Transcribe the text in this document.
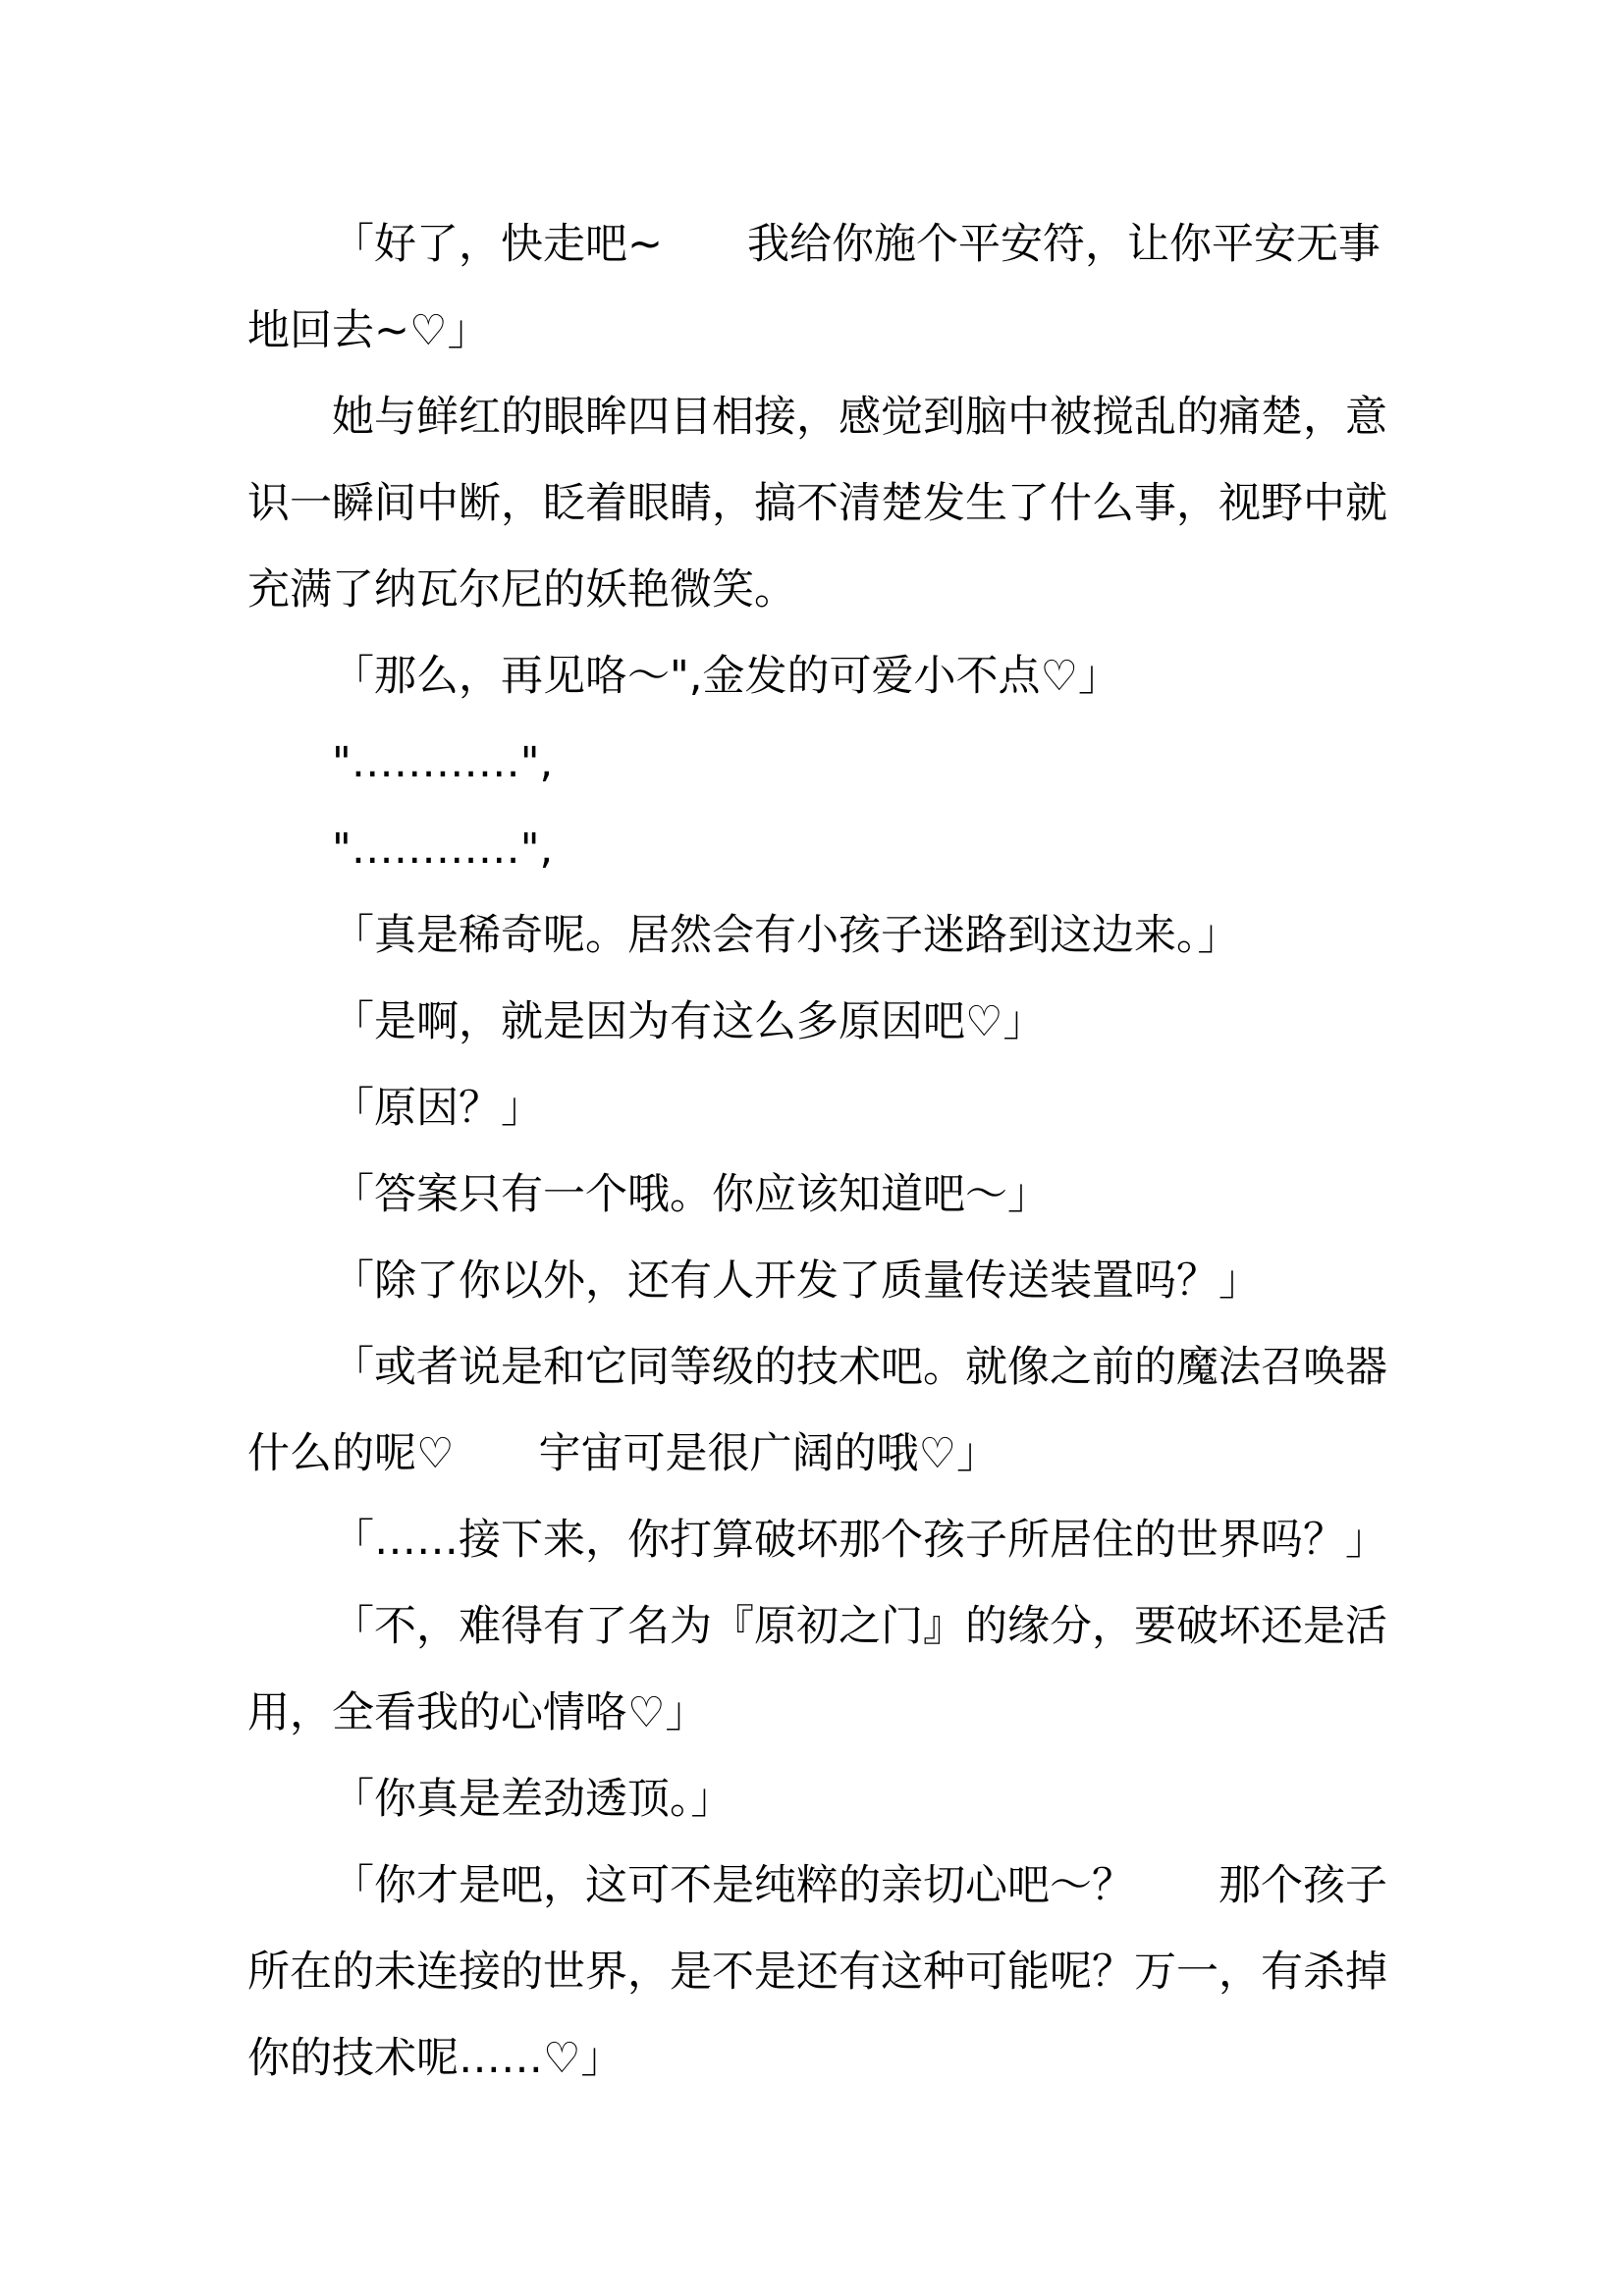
「好了，快走吧~　　我给你施个平安符，让你平安无事地回去~♡」

她与鲜红的眼眸四目相接，感觉到脑中被搅乱的痛楚，意识一瞬间中断，眨着眼睛，搞不清楚发生了什么事，视野中就充满了纳瓦尔尼的妖艳微笑。

「那么，再见咯～",金发的可爱小不点♡」

"…………",

"…………",

「真是稀奇呢。居然会有小孩子迷路到这边来。」

「是啊，就是因为有这么多原因吧♡」

「原因？」

「答案只有一个哦。你应该知道吧～」

「除了你以外，还有人开发了质量传送装置吗？」

「或者说是和它同等级的技术吧。就像之前的魔法召唤器什么的呢♡　　宇宙可是很广阔的哦♡」

「……接下来，你打算破坏那个孩子所居住的世界吗？」

「不，难得有了名为『原初之门』的缘分，要破坏还是活用，全看我的心情咯♡」

「你真是差劲透顶。」

「你才是吧，这可不是纯粹的亲切心吧～？　　那个孩子所在的未连接的世界，是不是还有这种可能呢？万一，有杀掉你的技术呢……♡」
